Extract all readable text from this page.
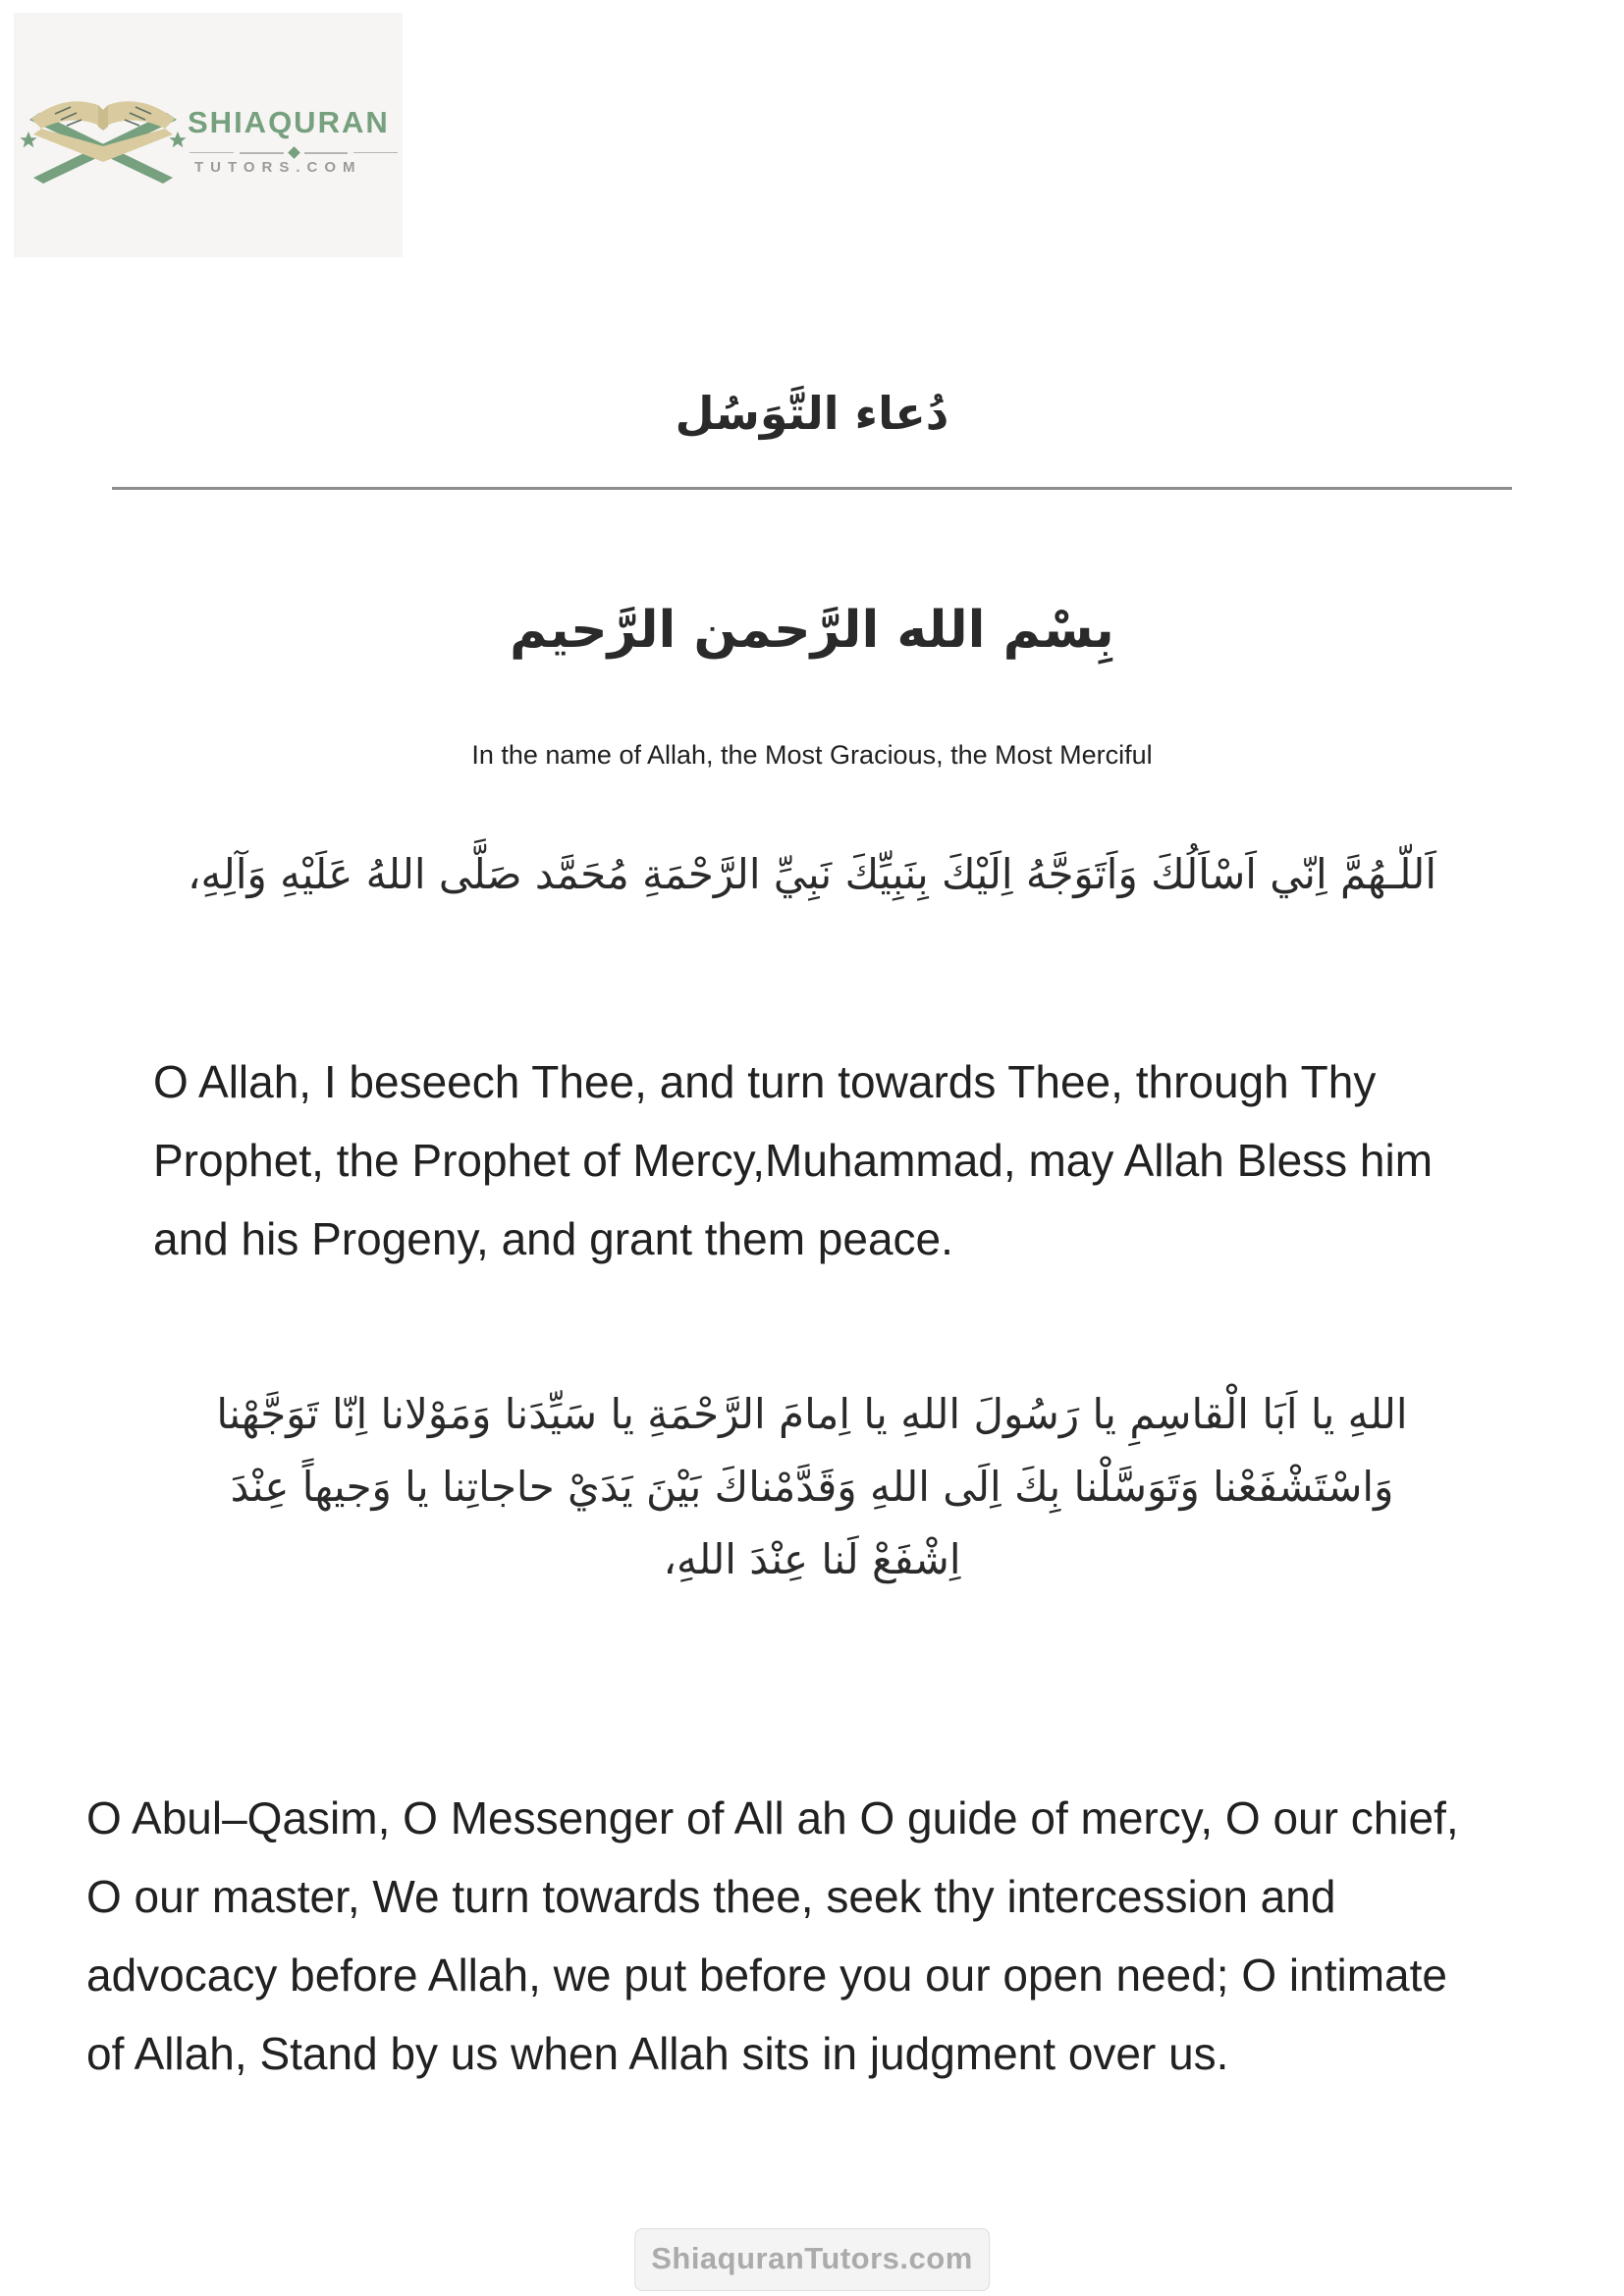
SHIAQURAN
TUTORS.COM
دُعاء التَّوَسُل
بِسْم الله الرَّحمن الرَّحيم
In the name of Allah, the Most Gracious, the Most Merciful
اَللّـهُمَّ اِنّي اَسْاَلُكَ وَاَتَوَجَّهُ اِلَيْكَ بِنَبِيِّكَ نَبِيِّ الرَّحْمَةِ مُحَمَّد صَلَّى اللهُ عَلَيْهِ وَآلِهِ،
O Allah, I beseech Thee, and turn towards Thee, through Thy
Prophet, the Prophet of Mercy,Muhammad, may Allah Bless him
and his Progeny, and grant them peace.
اللهِ يا اَبَا الْقاسِمِ يا رَسُولَ اللهِ يا اِمامَ الرَّحْمَةِ يا سَيِّدَنا وَمَوْلانا اِنّا تَوَجَّهْنا
وَاسْتَشْفَعْنا وَتَوَسَّلْنا بِكَ اِلَى اللهِ وَقَدَّمْناكَ بَيْنَ يَدَيْ حاجاتِنا يا وَجيهاً عِنْدَ
اِشْفَعْ لَنا عِنْدَ اللهِ،
O Abul–Qasim, O Messenger of All ah O guide of mercy, O our chief,
O our master, We turn towards thee, seek thy intercession and
advocacy before Allah, we put before you our open need; O intimate
of Allah, Stand by us when Allah sits in judgment over us.
ShiaquranTutors.com
